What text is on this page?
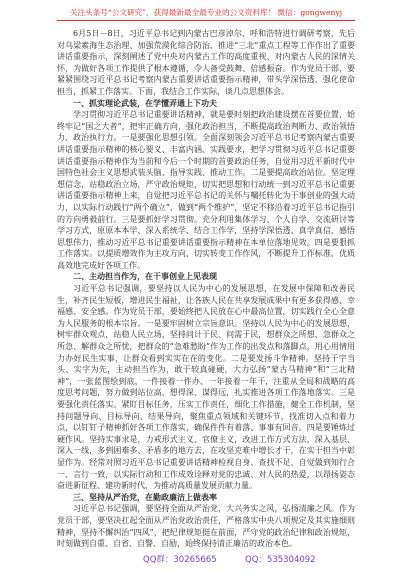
关注头条号“公文研究”，获得最新最全最专业的公文资料库！ 微信：gongwenyj

6月5日－8日，习近平总书记到内蒙古巴彦淖尔、呼和浩特进行调研考察，先后对乌梁素海生态治理、加强荒漠化综合防治、推进“三北”重点工程等工作作出了重要讲话重要指示，深刻阐述了党中央对内蒙古工作的高度重视、对内蒙古人民的深情关怀，为做好各项工作提供了根本遵循，令人备受鼓舞、倍感振奋。作为党员干部，要紧紧围绕习近平总书记考察内蒙古重要讲话重要指示精神，带头学深悟透，强化使命担当，抓紧工作落实。下面，我结合工作实际，谈几点思想体会。

一、抓实理论武装，在学懂弄通上下功夫

学习贯彻习近平总书记重要讲话精神，就是要时刻把政治建设摆在首要位置，始终牢记“国之大者”，把牢正确方向，强化政治担当，不断提高政治判断力、政治领悟力、政治执行力。一是要强化思想引领。全面深刻领会习近平总书记考察内蒙古重要讲话重要指示精神的核心要义、丰富内涵、实践要求，把学习贯彻习近平总书记重要讲话重要指示精神作为当前和今后一个时期的首要政治任务，自觉用习近平新时代中国特色社会主义思想武装头脑、指导实践、推动工作。二是要提高政治站位。坚定理想信念，站稳政治立场，严守政治规矩，切实把思想和行动统一到习近平总书记重要讲话重要指示精神上来，自觉把习近平总书记的关怀与嘱托转化为干事创业的强大动力，以实际行动践行“两个确立”、做到“两个维护”，坚定不移沿着习近平总书记指引的方向勇毅前行。三是要抓好学习贯彻。充分利用集体学习、个人自学、交流研讨等学习方式，原原本本学、深入系统学、结合工作学，坚持学深悟透、真学真信，感悟思想伟力，推动习近平总书记重要讲话重要指示精神在本单位落地见效。四是要狠抓工作落实。以提质增效作为主攻方向，切实转变工作作风，不断提升工作标准，优质高效地完成好各项工作。

二、主动担当作为，在干事创业上见表现

习近平总书记强调，要坚持以人民为中心的发展思想，在发展中保障和改善民生，补齐民生短板，增进民生福祉，让各族人民在共享发展成果中有更多获得感、幸福感、安全感。作为党员干部，要始终把人民放在心中最高位置，切实践行全心全意为人民服务的根本宗旨。一是要牢固树立宗旨意识。坚持以人民为中心的发展思想，树牢群众观点，站稳人民立场，坚持问计于民、问需于民，想群众之所想、急群众之所急、解群众之所忧，把群众的“急难愁盼”作为工作的出发点和落脚点，用心用情用力办好民生实事，让群众看到实实在在的变化。二是要发扬斗争精神。坚持干字当头、实字为先，主动担当作为，敢于较真碰硬，大力弘扬“蒙古马精神”和“三北精神”，一张蓝图绘到底，一件接着一件办、一年接着一年干，注重从全局和战略的高度思考问题，努力做到站位高、想得深、谋得远，扎实推进各项工作落地落实。三是要强化责任落实。紧盯目标任务，压实工作责任，细化工作措施，健全工作机制，坚持问题导向、目标导向、结果导向，聚焦重点领域和关键环节，找准切入点和着力点，以钉钉子精神抓好各项工作落实，确保件件有着落、事事有回音。四是要锤炼过硬作风。坚持实事求是，力戒形式主义、官僚主义，改进工作方式方法，深入基层、深入一线，多到困难多、矛盾多的地方去，在攻坚克难中增长才干，在实干担当中彰显作为。经常对照习近平总书记重要讲话精神检视自身、查找不足，自觉做到知行合一、言行一致，以实际行动和工作成效诠释对党的忠诚、对人民的热爱，以昂扬姿态奋进新征程、建功新时代，为推动高质量发展贡献力量。

三、坚持从严治党，在勤政廉洁上做表率

习近平总书记强调，要坚持全面从严治党，大兴务实之风，弘扬清廉之风。作为党员干部，要坚决扛起全面从严治党政治责任，严格落实中央八项规定及其实施细则精神，坚持不懈纠治“四风”，把纪律规矩挺在前面，严守党的政治纪律和政治规矩，时刻做到自重、自省、自警、自励，始终保持清正廉洁的政治本色。

QQ群：30265665	QQ：535304092
